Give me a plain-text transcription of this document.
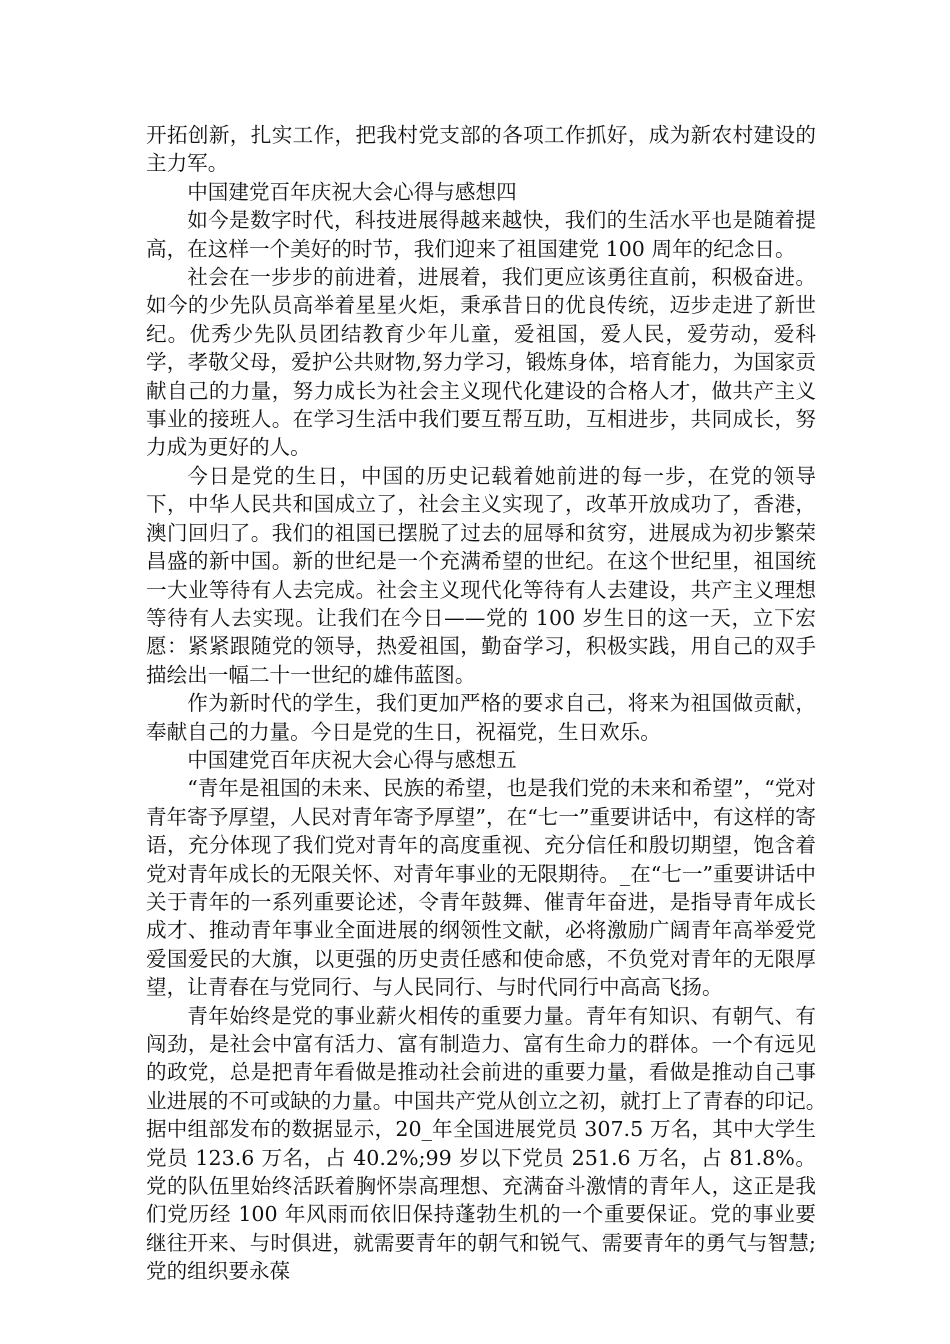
开拓创新，扎实工作，把我村党支部的各项工作抓好，成为新农村建设的主力军。

中国建党百年庆祝大会心得与感想四

如今是数字时代，科技进展得越来越快，我们的生活水平也是随着提高，在这样一个美好的时节，我们迎来了祖国建党 100 周年的纪念日。

社会在一步步的前进着，进展着，我们更应该勇往直前，积极奋进。如今的少先队员高举着星星火炬，秉承昔日的优良传统，迈步走进了新世纪。优秀少先队员团结教育少年儿童，爱祖国，爱人民，爱劳动，爱科学，孝敬父母，爱护公共财物,努力学习，锻炼身体，培育能力，为国家贡献自己的力量，努力成长为社会主义现代化建设的合格人才，做共产主义事业的接班人。在学习生活中我们要互帮互助，互相进步，共同成长，努力成为更好的人。

今日是党的生日，中国的历史记载着她前进的每一步，在党的领导下，中华人民共和国成立了，社会主义实现了，改革开放成功了，香港，澳门回归了。我们的祖国已摆脱了过去的屈辱和贫穷，进展成为初步繁荣昌盛的新中国。新的世纪是一个充满希望的世纪。在这个世纪里，祖国统一大业等待有人去完成。社会主义现代化等待有人去建设，共产主义理想等待有人去实现。让我们在今日——党的 100 岁生日的这一天，立下宏愿：紧紧跟随党的领导，热爱祖国，勤奋学习，积极实践，用自己的双手描绘出一幅二十一世纪的雄伟蓝图。

作为新时代的学生，我们更加严格的要求自己，将来为祖国做贡献，奉献自己的力量。今日是党的生日，祝福党，生日欢乐。

中国建党百年庆祝大会心得与感想五

“青年是祖国的未来、民族的希望，也是我们党的未来和希望”，“党对青年寄予厚望，人民对青年寄予厚望”，在“七一”重要讲话中，有这样的寄语，充分体现了我们党对青年的高度重视、充分信任和殷切期望，饱含着党对青年成长的无限关怀、对青年事业的无限期待。_在“七一”重要讲话中关于青年的一系列重要论述，令青年鼓舞、催青年奋进，是指导青年成长成才、推动青年事业全面进展的纲领性文献，必将激励广阔青年高举爱党爱国爱民的大旗，以更强的历史责任感和使命感，不负党对青年的无限厚望，让青春在与党同行、与人民同行、与时代同行中高高飞扬。

青年始终是党的事业薪火相传的重要力量。青年有知识、有朝气、有闯劲，是社会中富有活力、富有制造力、富有生命力的群体。一个有远见的政党，总是把青年看做是推动社会前进的重要力量，看做是推动自己事业进展的不可或缺的力量。中国共产党从创立之初，就打上了青春的印记。　　据中组部发布的数据显示，20_年全国进展党员 307.5 万名，其中大学生党员 123.6 万名，占 40.2%;99 岁以下党员 251.6 万名，占 81.8%。党的队伍里始终活跃着胸怀崇高理想、充满奋斗激情的青年人，这正是我们党历经 100 年风雨而依旧保持蓬勃生机的一个重要保证。党的事业要继往开来、与时俱进，就需要青年的朝气和锐气、需要青年的勇气与智慧;党的组织要永葆
